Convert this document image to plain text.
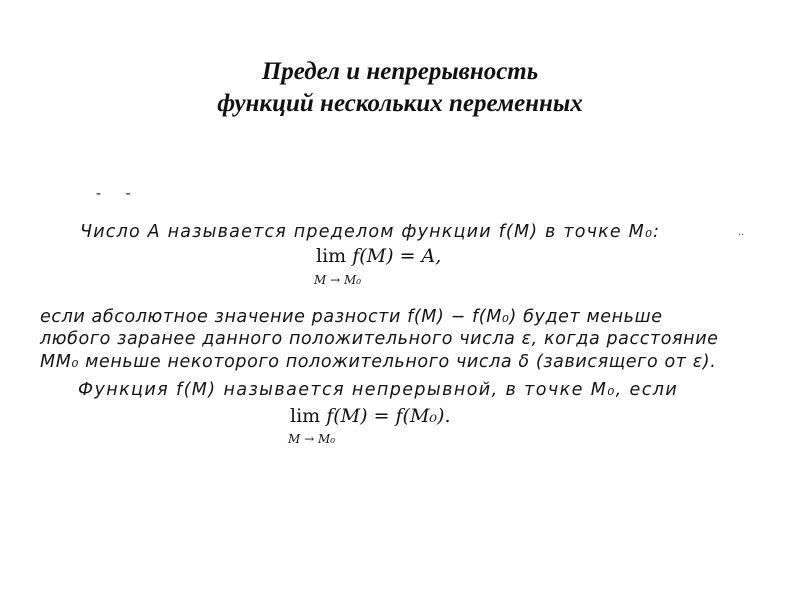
Предел и непрерывность
функций нескольких переменных
- -
··
Число A называется пределом функции f(M) в точке M₀:
lim f(M) = A,
M → M₀
если абсолютное значение разности f(M) − f(M₀) будет меньше
любого заранее данного положительного числа ε, когда расстояние
MM₀ меньше некоторого положительного числа δ (зависящего от ε).
Функция f(M) называется непрерывной, в точке M₀, если
lim f(M) = f(M₀).
M → M₀
